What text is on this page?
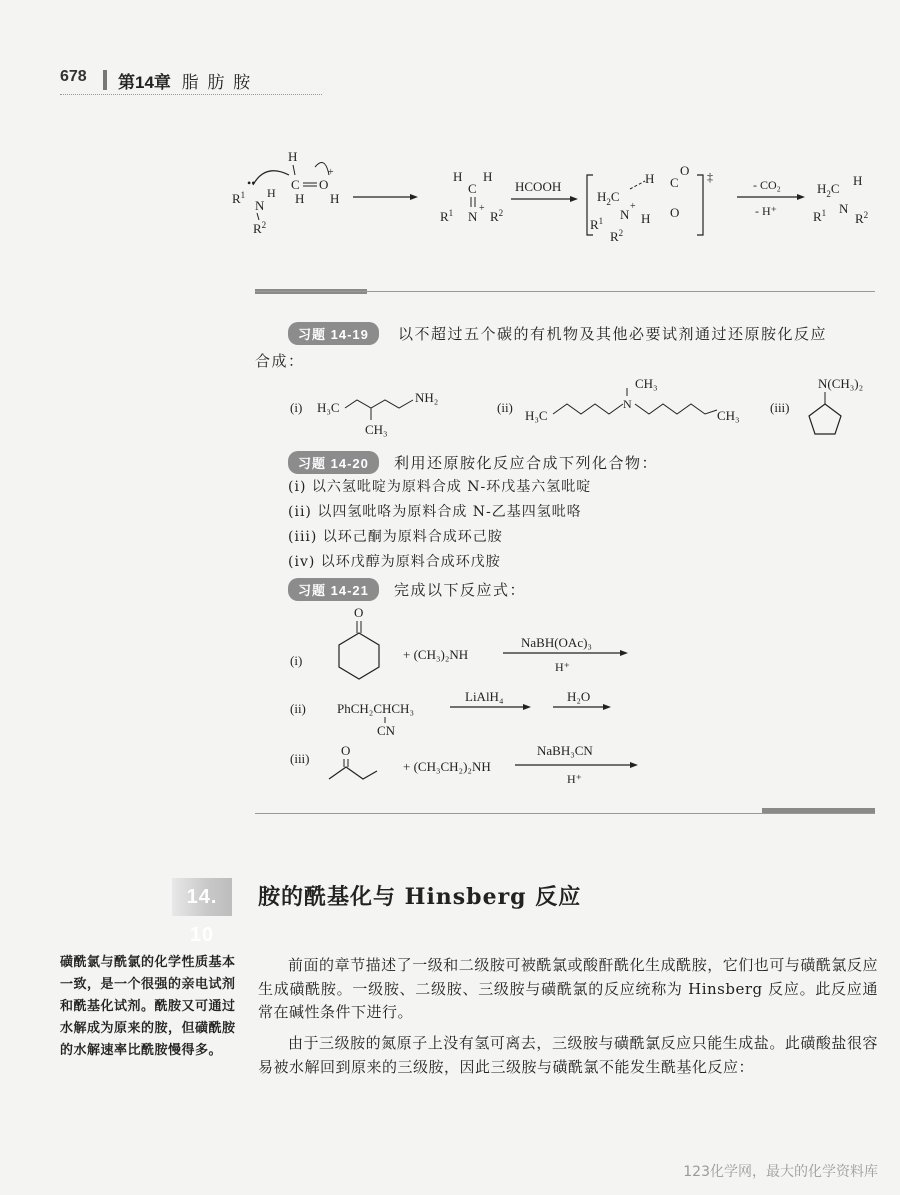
678 第14章 脂 肪 胺
$R^1$
••
N
H
$R^2$
H
C O
+
H H
H H
C
$R^1$ N
+
$R^2$
HCOOH
‡
$H_2C$
H C
O
O
N
+
H
$R^1$
$R^2$
- CO₂
- H⁺
$H_2C$
H
$R^1$ N
$R^2$
习题 14-19 以不超过五个碳的有机物及其他必要试剂通过还原胺化反应
合成：
(i) H₃C
CH₃
NH₂
(ii)
H₃C
N
CH₃
CH₃
(iii)
N(CH₃)₂
习题 14-20 利用还原胺化反应合成下列化合物：
(i) 以六氢吡啶为原料合成 N-环戊基六氢吡啶
(ii) 以四氢吡咯为原料合成 N-乙基四氢吡咯
(iii) 以环己酮为原料合成环己胺
(iv) 以环戊醇为原料合成环戊胺
习题 14-21 完成以下反应式：
(i)
O
+ (CH₃)₂NH
NaBH(OAc)₃
H⁺
(ii) PhCH₂CHCH₃
CN
LiAlH₄	H₂O
(iii)
O
+ (CH₃CH₂)₂NH
NaBH₃CN
H⁺
14. 10
胺的酰基化与 Hinsberg 反应
磺酰氯与酰氯的化学性质基本一致，是一个很强的亲电试剂和酰基化试剂。酰胺又可通过水解成为原来的胺，但磺酰胺的水解速率比酰胺慢得多。
前面的章节描述了一级和二级胺可被酰氯或酸酐酰化生成酰胺，它们也可与磺酰氯反应生成磺酰胺。一级胺、二级胺、三级胺与磺酰氯的反应统称为 Hinsberg 反应。此反应通常在碱性条件下进行。
由于三级胺的氮原子上没有氢可离去，三级胺与磺酰氯反应只能生成盐。此磺酸盐很容易被水解回到原来的三级胺，因此三级胺与磺酰氯不能发生酰基化反应：
123化学网，最大的化学资料库
